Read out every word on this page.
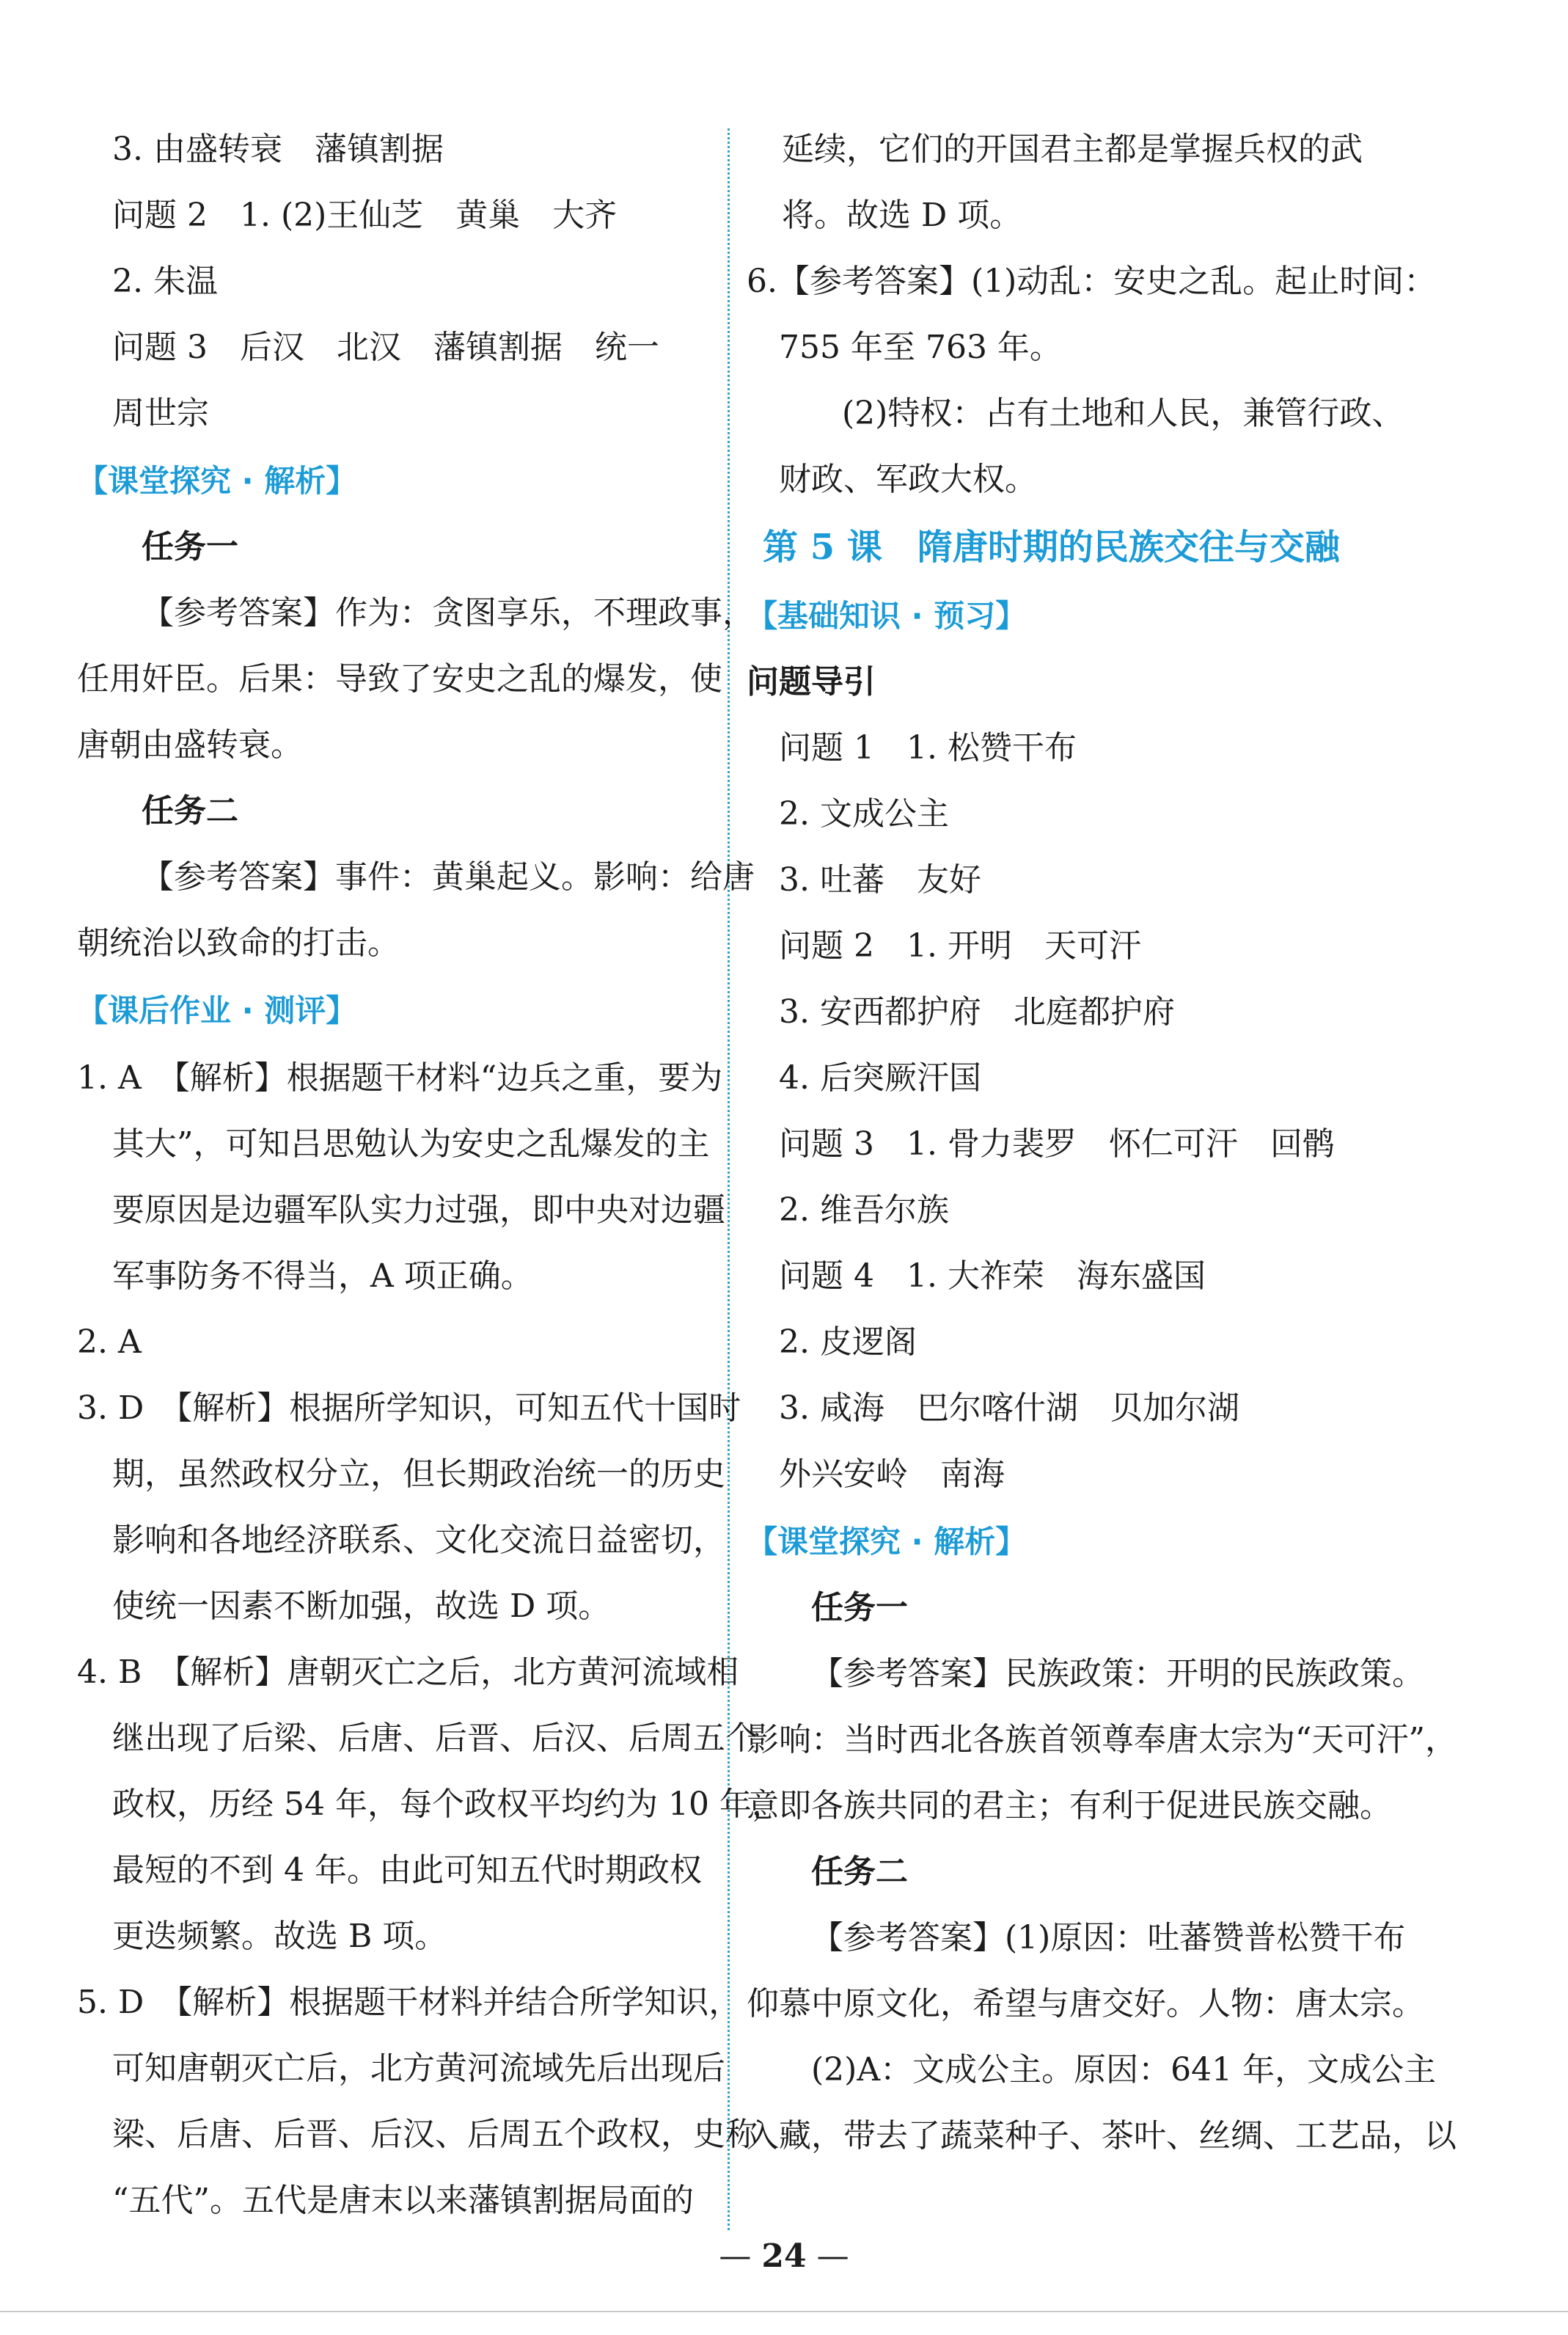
3. 由盛转衰　藩镇割据
问题 2　1. (2)王仙芝　黄巢　大齐
2. 朱温
问题 3　后汉　北汉　藩镇割据　统一
周世宗
【课堂探究 · 解析】
任务一
【参考答案】作为：贪图享乐，不理政事，
任用奸臣。后果：导致了安史之乱的爆发，使
唐朝由盛转衰。
任务二
【参考答案】事件：黄巢起义。影响：给唐
朝统治以致命的打击。
【课后作业 · 测评】
1. A　【解析】根据题干材料“边兵之重，要为
其大”，可知吕思勉认为安史之乱爆发的主
要原因是边疆军队实力过强，即中央对边疆
军事防务不得当，A 项正确。
2. A
3. D　【解析】根据所学知识，可知五代十国时
期，虽然政权分立，但长期政治统一的历史
影响和各地经济联系、文化交流日益密切，
使统一因素不断加强，故选 D 项。
4. B　【解析】唐朝灭亡之后，北方黄河流域相
继出现了后梁、后唐、后晋、后汉、后周五个
政权，历经 54 年，每个政权平均约为 10 年，
最短的不到 4 年。由此可知五代时期政权
更迭频繁。故选 B 项。
5. D　【解析】根据题干材料并结合所学知识，
可知唐朝灭亡后，北方黄河流域先后出现后
梁、后唐、后晋、后汉、后周五个政权，史称
“五代”。五代是唐末以来藩镇割据局面的
延续，它们的开国君主都是掌握兵权的武
将。故选 D 项。
6.【参考答案】(1)动乱：安史之乱。起止时间：
755 年至 763 年。
(2)特权：占有土地和人民，兼管行政、
财政、军政大权。
第 5 课　隋唐时期的民族交往与交融
【基础知识 · 预习】
问题导引
问题 1　1. 松赞干布
2. 文成公主
3. 吐蕃　友好
问题 2　1. 开明　天可汗
3. 安西都护府　北庭都护府
4. 后突厥汗国
问题 3　1. 骨力裴罗　怀仁可汗　回鹘
2. 维吾尔族
问题 4　1. 大祚荣　海东盛国
2. 皮逻阁
3. 咸海　巴尔喀什湖　贝加尔湖
外兴安岭　南海
【课堂探究 · 解析】
任务一
【参考答案】民族政策：开明的民族政策。
影响：当时西北各族首领尊奉唐太宗为“天可汗”，
意即各族共同的君主；有利于促进民族交融。
任务二
【参考答案】(1)原因：吐蕃赞普松赞干布
仰慕中原文化，希望与唐交好。人物：唐太宗。
(2)A：文成公主。原因：641 年，文成公主
入藏，带去了蔬菜种子、茶叶、丝绸、工艺品，以
— 24 —
